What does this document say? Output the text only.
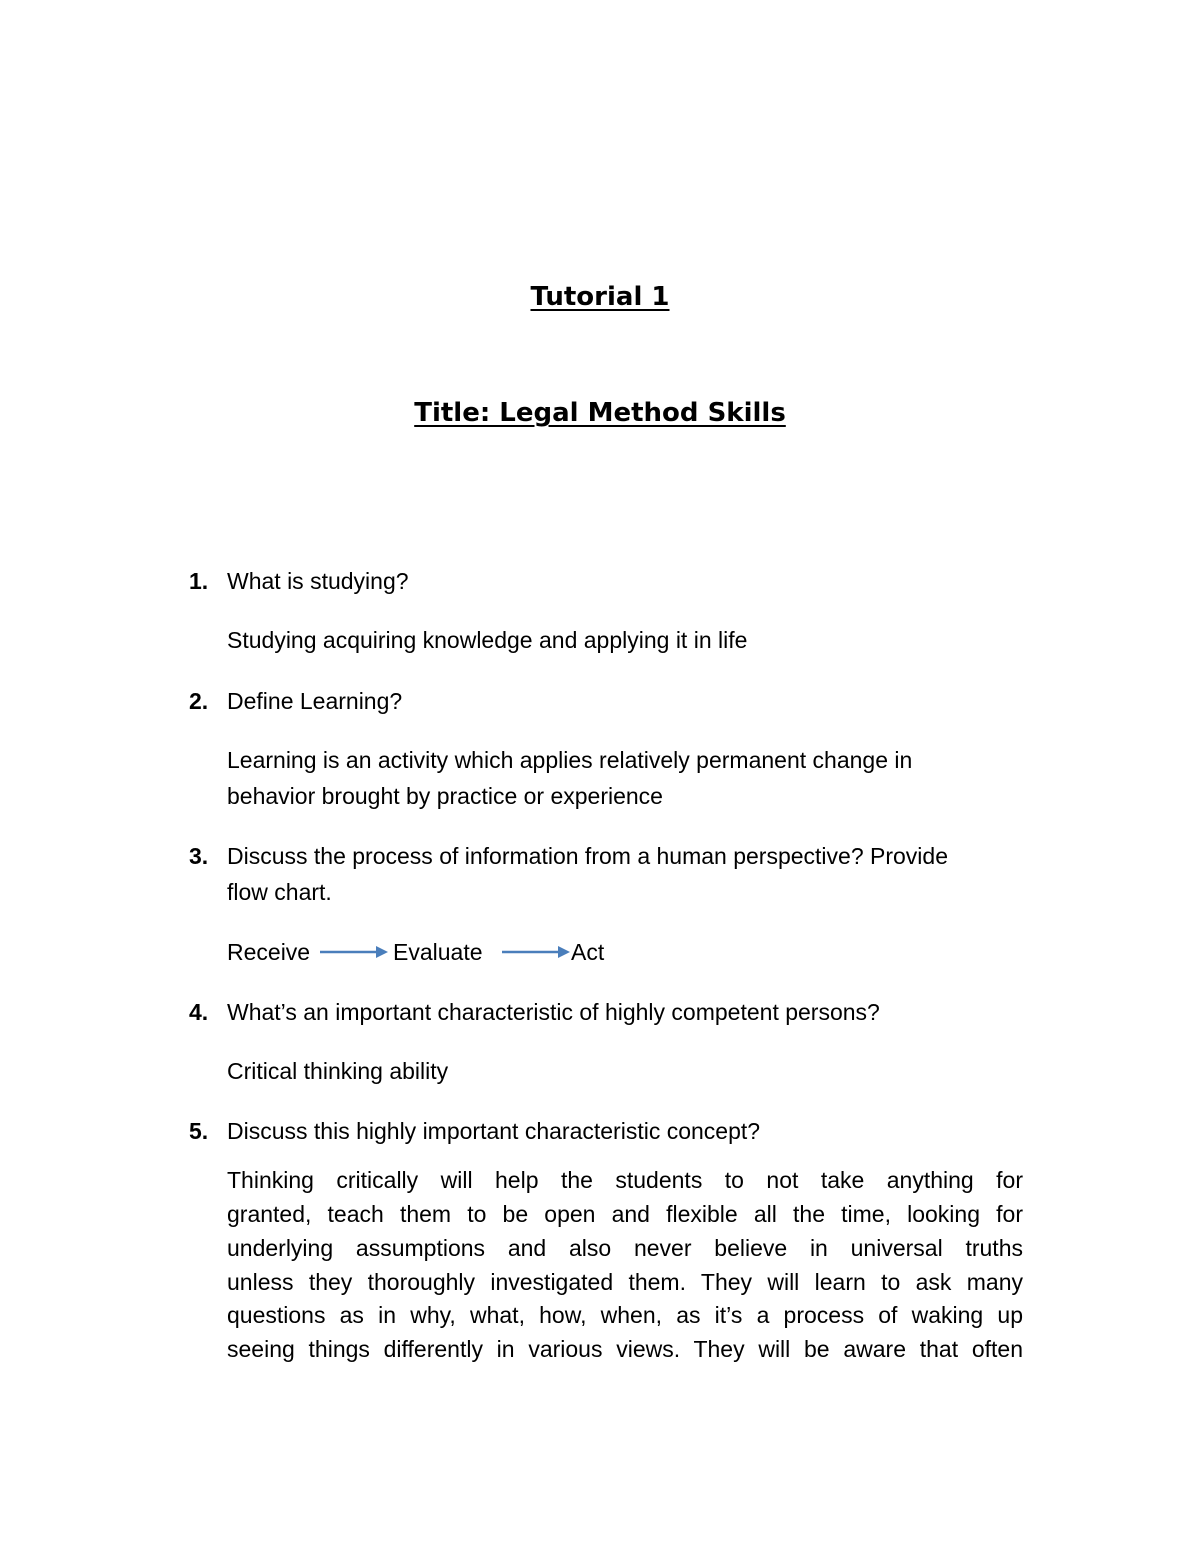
Tutorial 1
Title: Legal Method Skills
1. What is studying?
Studying acquiring knowledge and applying it in life
2. Define Learning?
Learning is an activity which applies relatively permanent change in
behavior brought by practice or experience
3. Discuss the process of information from a human perspective? Provide
flow chart.
Receive	Evaluate	Act
4. What’s an important characteristic of highly competent persons?
Critical thinking ability
5. Discuss this highly important characteristic concept?
Thinking critically will help the students to not take anything for
granted, teach them to be open and flexible all the time, looking for
underlying assumptions and also never believe in universal truths
unless they thoroughly investigated them. They will learn to ask many
questions as in why, what, how, when, as it’s a process of waking up
seeing things differently in various views. They will be aware that often
